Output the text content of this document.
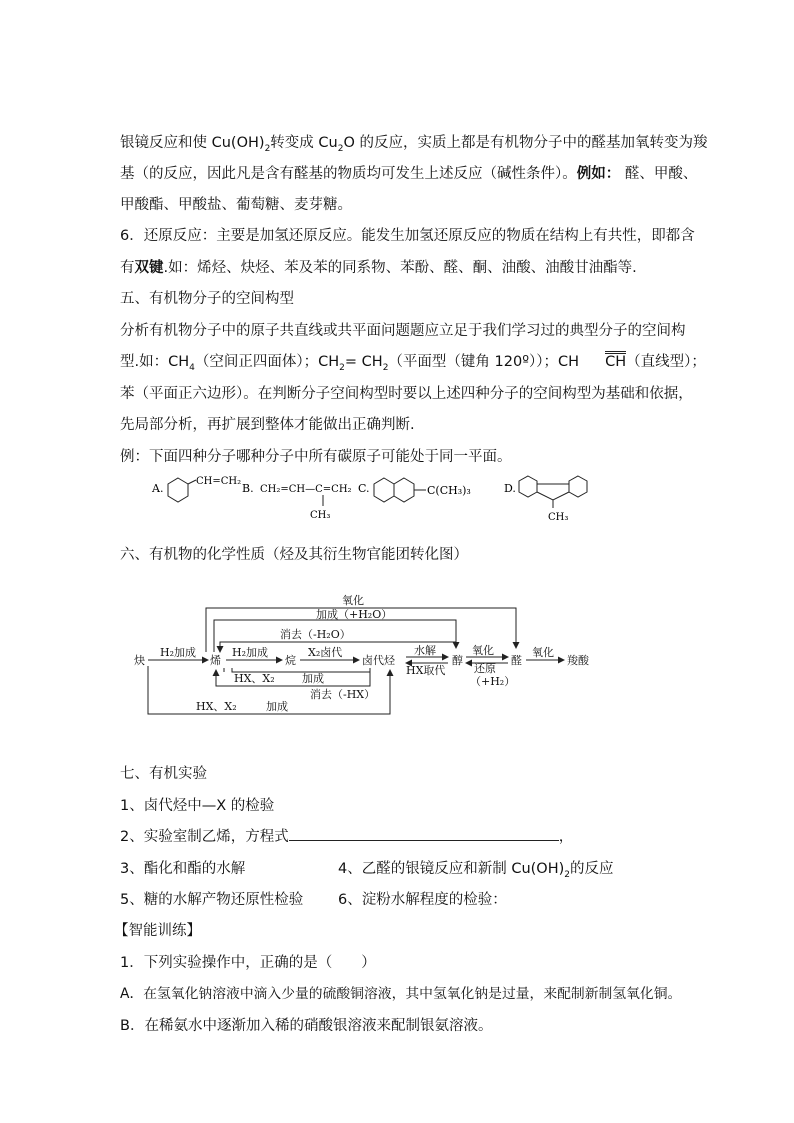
银镜反应和使 $Cu(OH)_2$转变成 $Cu_2O$ 的反应，实质上都是有机物分子中的醛基加氧转变为羧
基（的反应，因此凡是含有醛基的物质均可发生上述反应（碱性条件）。例如： 醛、甲酸、
甲酸酯、甲酸盐、葡萄糖、麦芽糖。
6．还原反应：主要是加氢还原反应。能发生加氢还原反应的物质在结构上有共性，即都含
有双键.如：烯烃、炔烃、苯及苯的同系物、苯酚、醛、酮、油酸、油酸甘油酯等.
五、有机物分子的空间构型
分析有机物分子中的原子共直线或共平面问题题应立足于我们学习过的典型分子的空间构
型.如：$CH_4$（空间正四面体）；$CH_2= CH_2$（平面型（键角 120º））；CH CH（直线型）；
苯（平面正六边形）。在判断分子空间构型时要以上述四种分子的空间构型为基础和依据，
先局部分析，再扩展到整体才能做出正确判断.
例：下面四种分子哪种分子中所有碳原子可能处于同一平面。
A.
CH=CH₂
B. CH₂=CH—C=CH₂
CH₃
C.	C(CH₃)₃	D.
CH₃
六、有机物的化学性质（烃及其衍生物官能团转化图）
炔	烯	烷	卤代烃	醇	醛	羧酸
H₂加成	H₂加成	X₂卤代
HX、X₂ 加成
HX、X₂	加成
消去（-H₂O）
消去（-HX）
水解
HX取代
氧化
还原
（+H₂）
氧化
氧化
加成（+H₂O）
七、有机实验
1、卤代烃中—X 的检验
2、实验室制乙烯，方程式	，
3、酯化和酯的水解	4、乙醛的银镜反应和新制 $Cu(OH)_2$的反应
5、糖的水解产物还原性检验 6、淀粉水解程度的检验：
【智能训练】
1．下列实验操作中，正确的是（　　）
A．在氢氧化钠溶液中滴入少量的硫酸铜溶液，其中氢氧化钠是过量，来配制新制氢氧化铜。
B．在稀氨水中逐渐加入稀的硝酸银溶液来配制银氨溶液。
